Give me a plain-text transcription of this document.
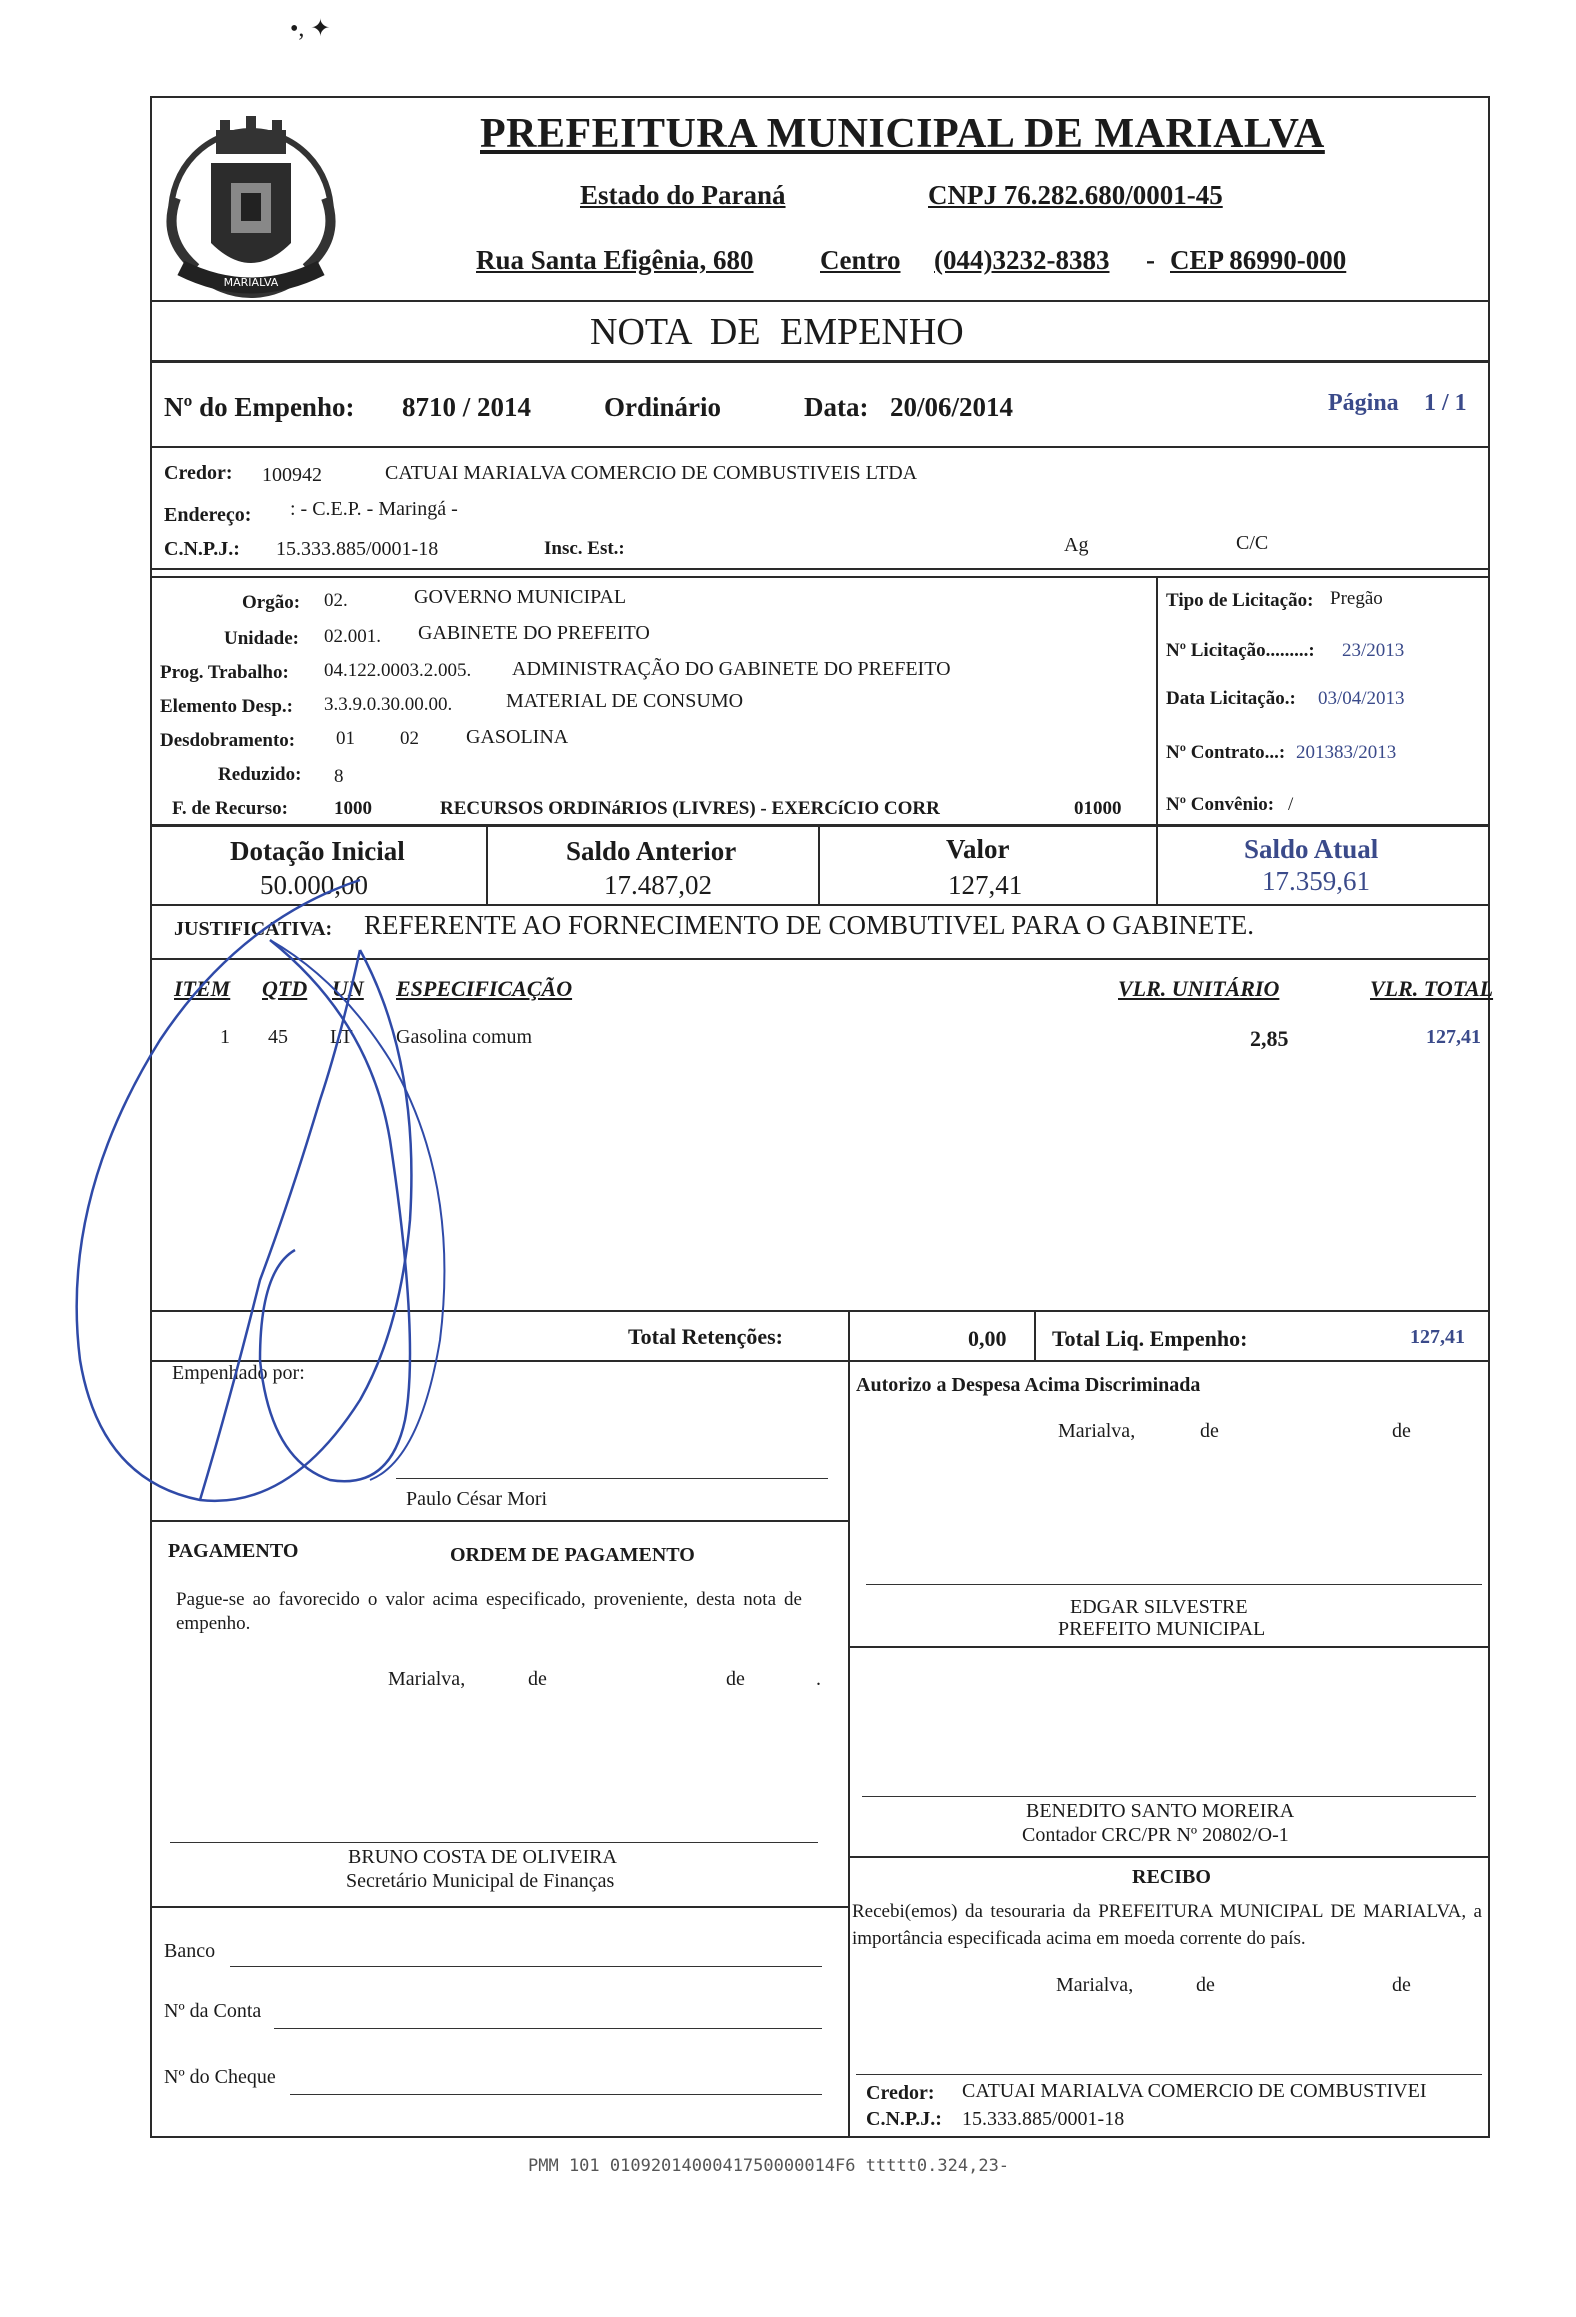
•, ✦
MARIALVA
PREFEITURA MUNICIPAL DE MARIALVA
Estado do Paraná	CNPJ 76.282.680/0001-45
Rua Santa Efigênia, 680 Centro (044)3232-8383 - CEP 86990-000
NOTA DE EMPENHO
Nº do Empenho: 8710 / 2014	Ordinário	Data: 20/06/2014	Página 1 / 1
Credor: 100942	CATUAI MARIALVA COMERCIO DE COMBUSTIVEIS LTDA
Endereço: : - C.E.P. - Maringá -
C.N.P.J.: 15.333.885/0001-18	Insc. Est.:	Ag	C/C
Orgão: 02.	GOVERNO MUNICIPAL
Unidade: 02.001. GABINETE DO PREFEITO
Prog. Trabalho: 04.122.0003.2.005. ADMINISTRAÇÃO DO GABINETE DO PREFEITO
Elemento Desp.: 3.3.9.0.30.00.00.	MATERIAL DE CONSUMO
Desdobramento: 01 02 GASOLINA
Reduzido: 8
F. de Recurso: 1000	RECURSOS ORDINáRIOS (LIVRES) - EXERCíCIO CORR	01000
Tipo de Licitação: Pregão
Nº Licitação.........: 23/2013
Data Licitação.: 03/04/2013
Nº Contrato...: 201383/2013
Nº Convênio: /
Dotação Inicial
50.000,00
Saldo Anterior
17.487,02
Valor
127,41
Saldo Atual
17.359,61
JUSTIFICATIVA: REFERENTE AO FORNECIMENTO DE COMBUTIVEL PARA O GABINETE.
ITEM QTD UN ESPECIFICAÇÃO	VLR. UNITÁRIO	VLR. TOTAL
1 45 LT Gasolina comum	2,85	127,41
Total Retenções:	0,00 Total Liq. Empenho:	127,41
Empenhado por:
Paulo César Mori
Autorizo a Despesa Acima Discriminada
Marialva,	de	de
EDGAR SILVESTRE
PREFEITO MUNICIPAL
PAGAMENTO	ORDEM DE PAGAMENTO
Pague-se ao favorecido o valor acima especificado, proveniente, desta nota de empenho.
Marialva,	de	de	.
BRUNO COSTA DE OLIVEIRA
Secretário Municipal de Finanças
Banco
Nº da Conta
Nº do Cheque
BENEDITO SANTO MOREIRA
Contador CRC/PR Nº 20802/O-1
RECIBO
Recebi(emos) da tesouraria da PREFEITURA MUNICIPAL DE MARIALVA, a importância especificada acima em moeda corrente do país.
Marialva,	de	de
Credor: CATUAI MARIALVA COMERCIO DE COMBUSTIVEI
C.N.P.J.: 15.333.885/0001-18
PMM 101 0109201400041750000014F6 ttttt0.324,23-
